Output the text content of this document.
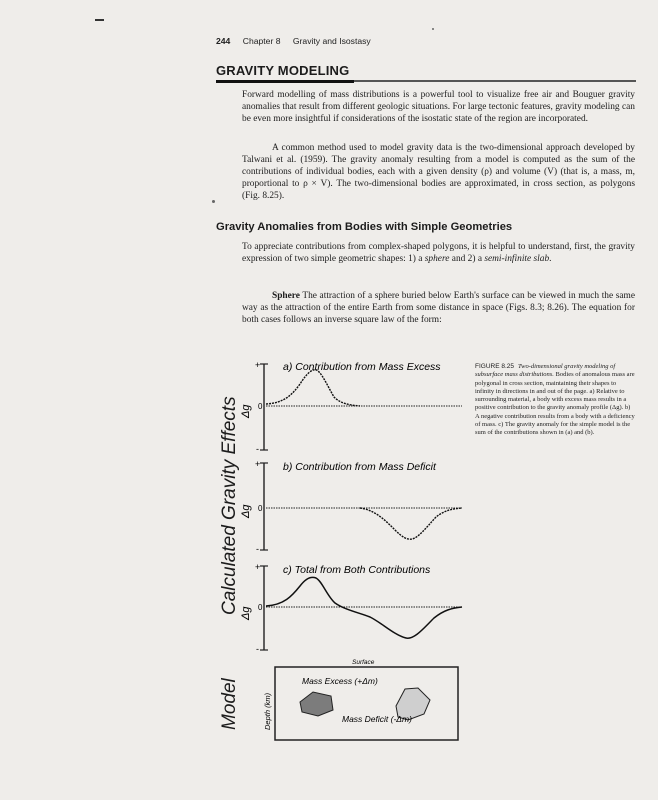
244 Chapter 8 Gravity and Isostasy
GRAVITY MODELING

Forward modelling of mass distributions is a powerful tool to visualize free air and Bouguer gravity anomalies that result from different geologic situations. For large tectonic features, gravity modeling can be even more insightful if considerations of the isostatic state of the region are incorporated.

A common method used to model gravity data is the two-dimensional approach developed by Talwani et al. (1959). The gravity anomaly resulting from a model is computed as the sum of the contributions of individual bodies, each with a given density (ρ) and volume (V) (that is, a mass, m, proportional to ρ × V). The two-dimensional bodies are approximated, in cross section, as polygons (Fig. 8.25).

Gravity Anomalies from Bodies with Simple Geometries

To appreciate contributions from complex-shaped polygons, it is helpful to understand, first, the gravity expression of two simple geometric shapes: 1) a sphere and 2) a semi-infinite slab.

Sphere The attraction of a sphere buried below Earth's surface can be viewed in much the same way as the attraction of the entire Earth from some distance in space (Figs. 8.3; 8.26). The equation for both cases follows an inverse square law of the form:

FIGURE 8.25 Two-dimensional gravity modeling of subsurface mass distributions. Bodies of anomalous mass are polygonal in cross section, maintaining their shapes to infinity in directions in and out of the page. a) Relative to surrounding material, a body with excess mass results in a positive contribution to the gravity anomaly profile (Δg). b) A negative contribution results from a body with a deficiency of mass. c) The gravity anomaly for the simple model is the sum of the contributions shown in (a) and (b).

Calculated Gravity Effects
Model
+
-
0
Δg
a) Contribution from Mass Excess
+
-
0
Δg
b) Contribution from Mass Deficit
+
-
0
Δg
c) Total from Both Contributions
Surface
Depth (km)
Mass Excess (+Δm)
Mass Deficit (-Δm)
